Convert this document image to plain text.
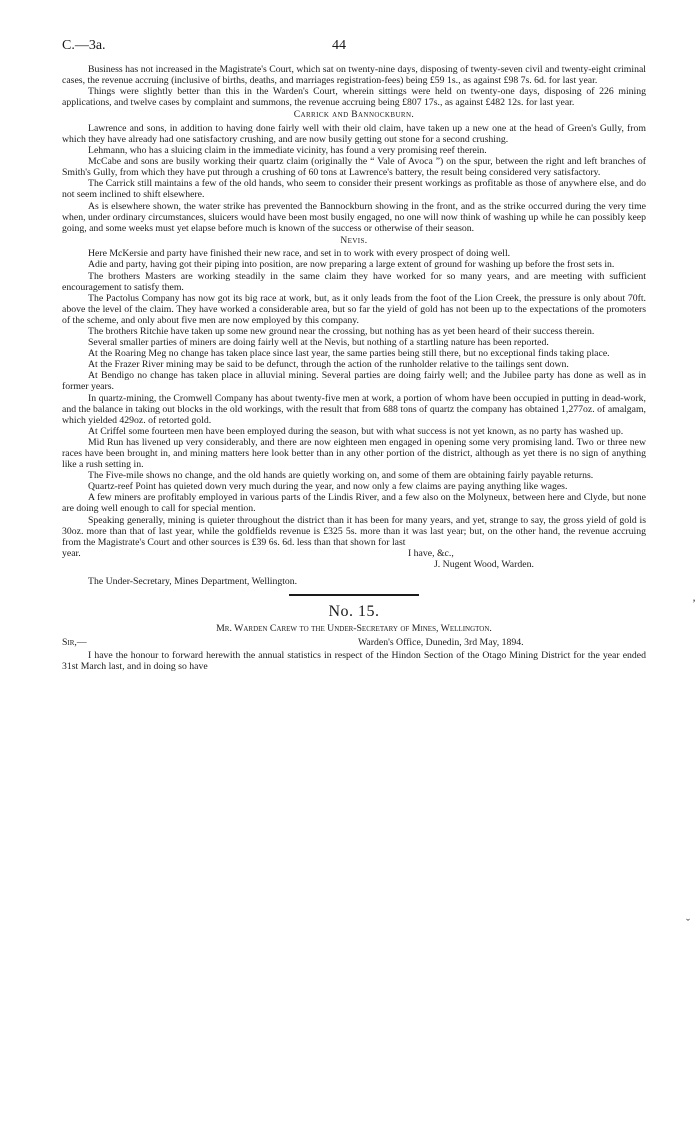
C.—3a.	44

Business has not increased in the Magistrate's Court, which sat on twenty-nine days, disposing of twenty-seven civil and twenty-eight criminal cases, the revenue accruing (inclusive of births, deaths, and marriages registration-fees) being £59 1s., as against £98 7s. 6d. for last year.

Things were slightly better than this in the Warden's Court, wherein sittings were held on twenty-one days, disposing of 226 mining applications, and twelve cases by complaint and summons, the revenue accruing being £807 17s., as against £482 12s. for last year.

Carrick and Bannockburn.

Lawrence and sons, in addition to having done fairly well with their old claim, have taken up a new one at the head of Green's Gully, from which they have already had one satisfactory crushing, and are now busily getting out stone for a second crushing.

Lehmann, who has a sluicing claim in the immediate vicinity, has found a very promising reef therein.

McCabe and sons are busily working their quartz claim (originally the “ Vale of Avoca ”) on the spur, between the right and left branches of Smith's Gully, from which they have put through a crushing of 60 tons at Lawrence's battery, the result being considered very satisfactory.

The Carrick still maintains a few of the old hands, who seem to consider their present workings as profitable as those of anywhere else, and do not seem inclined to shift elsewhere.

As is elsewhere shown, the water strike has prevented the Bannockburn showing in the front, and as the strike occurred during the very time when, under ordinary circumstances, sluicers would have been most busily engaged, no one will now think of washing up while he can possibly keep going, and some weeks must yet elapse before much is known of the success or otherwise of their season.

Nevis.

Here McKersie and party have finished their new race, and set in to work with every prospect of doing well.

Adie and party, having got their piping into position, are now preparing a large extent of ground for washing up before the frost sets in.

The brothers Masters are working steadily in the same claim they have worked for so many years, and are meeting with sufficient encouragement to satisfy them.

The Pactolus Company has now got its big race at work, but, as it only leads from the foot of the Lion Creek, the pressure is only about 70ft. above the level of the claim. They have worked a considerable area, but so far the yield of gold has not been up to the expectations of the promoters of the scheme, and only about five men are now employed by this company.

The brothers Ritchie have taken up some new ground near the crossing, but nothing has as yet been heard of their success therein.

Several smaller parties of miners are doing fairly well at the Nevis, but nothing of a startling nature has been reported.

At the Roaring Meg no change has taken place since last year, the same parties being still there, but no exceptional finds taking place.

At the Frazer River mining may be said to be defunct, through the action of the runholder relative to the tailings sent down.

At Bendigo no change has taken place in alluvial mining. Several parties are doing fairly well; and the Jubilee party has done as well as in former years.

In quartz-mining, the Cromwell Company has about twenty-five men at work, a portion of whom have been occupied in putting in dead-work, and the balance in taking out blocks in the old workings, with the result that from 688 tons of quartz the company has obtained 1,277oz. of amalgam, which yielded 429oz. of retorted gold.

At Criffel some fourteen men have been employed during the season, but with what success is not yet known, as no party has washed up.

Mid Run has livened up very considerably, and there are now eighteen men engaged in opening some very promising land. Two or three new races have been brought in, and mining matters here look better than in any other portion of the district, although as yet there is no sign of anything like a rush setting in.

The Five-mile shows no change, and the old hands are quietly working on, and some of them are obtaining fairly payable returns.

Quartz-reef Point has quieted down very much during the year, and now only a few claims are paying anything like wages.

A few miners are profitably employed in various parts of the Lindis River, and a few also on the Molyneux, between here and Clyde, but none are doing well enough to call for special mention.

Speaking generally, mining is quieter throughout the district than it has been for many years, and yet, strange to say, the gross yield of gold is 30oz. more than that of last year, while the goldfields revenue is £325 5s. more than it was last year; but, on the other hand, the revenue accruing from the Magistrate's Court and other sources is £39 6s. 6d. less than that shown for last

year.	I have, &c.,
J. Nugent Wood, Warden.

The Under-Secretary, Mines Department, Wellington.

No. 15.

Mr. Warden Carew to the Under-Secretary of Mines, Wellington.

Sir,—	Warden's Office, Dunedin, 3rd May, 1894.

I have the honour to forward herewith the annual statistics in respect of the Hindon Section of the Otago Mining District for the year ended 31st March last, and in doing so have

’
ˇ
